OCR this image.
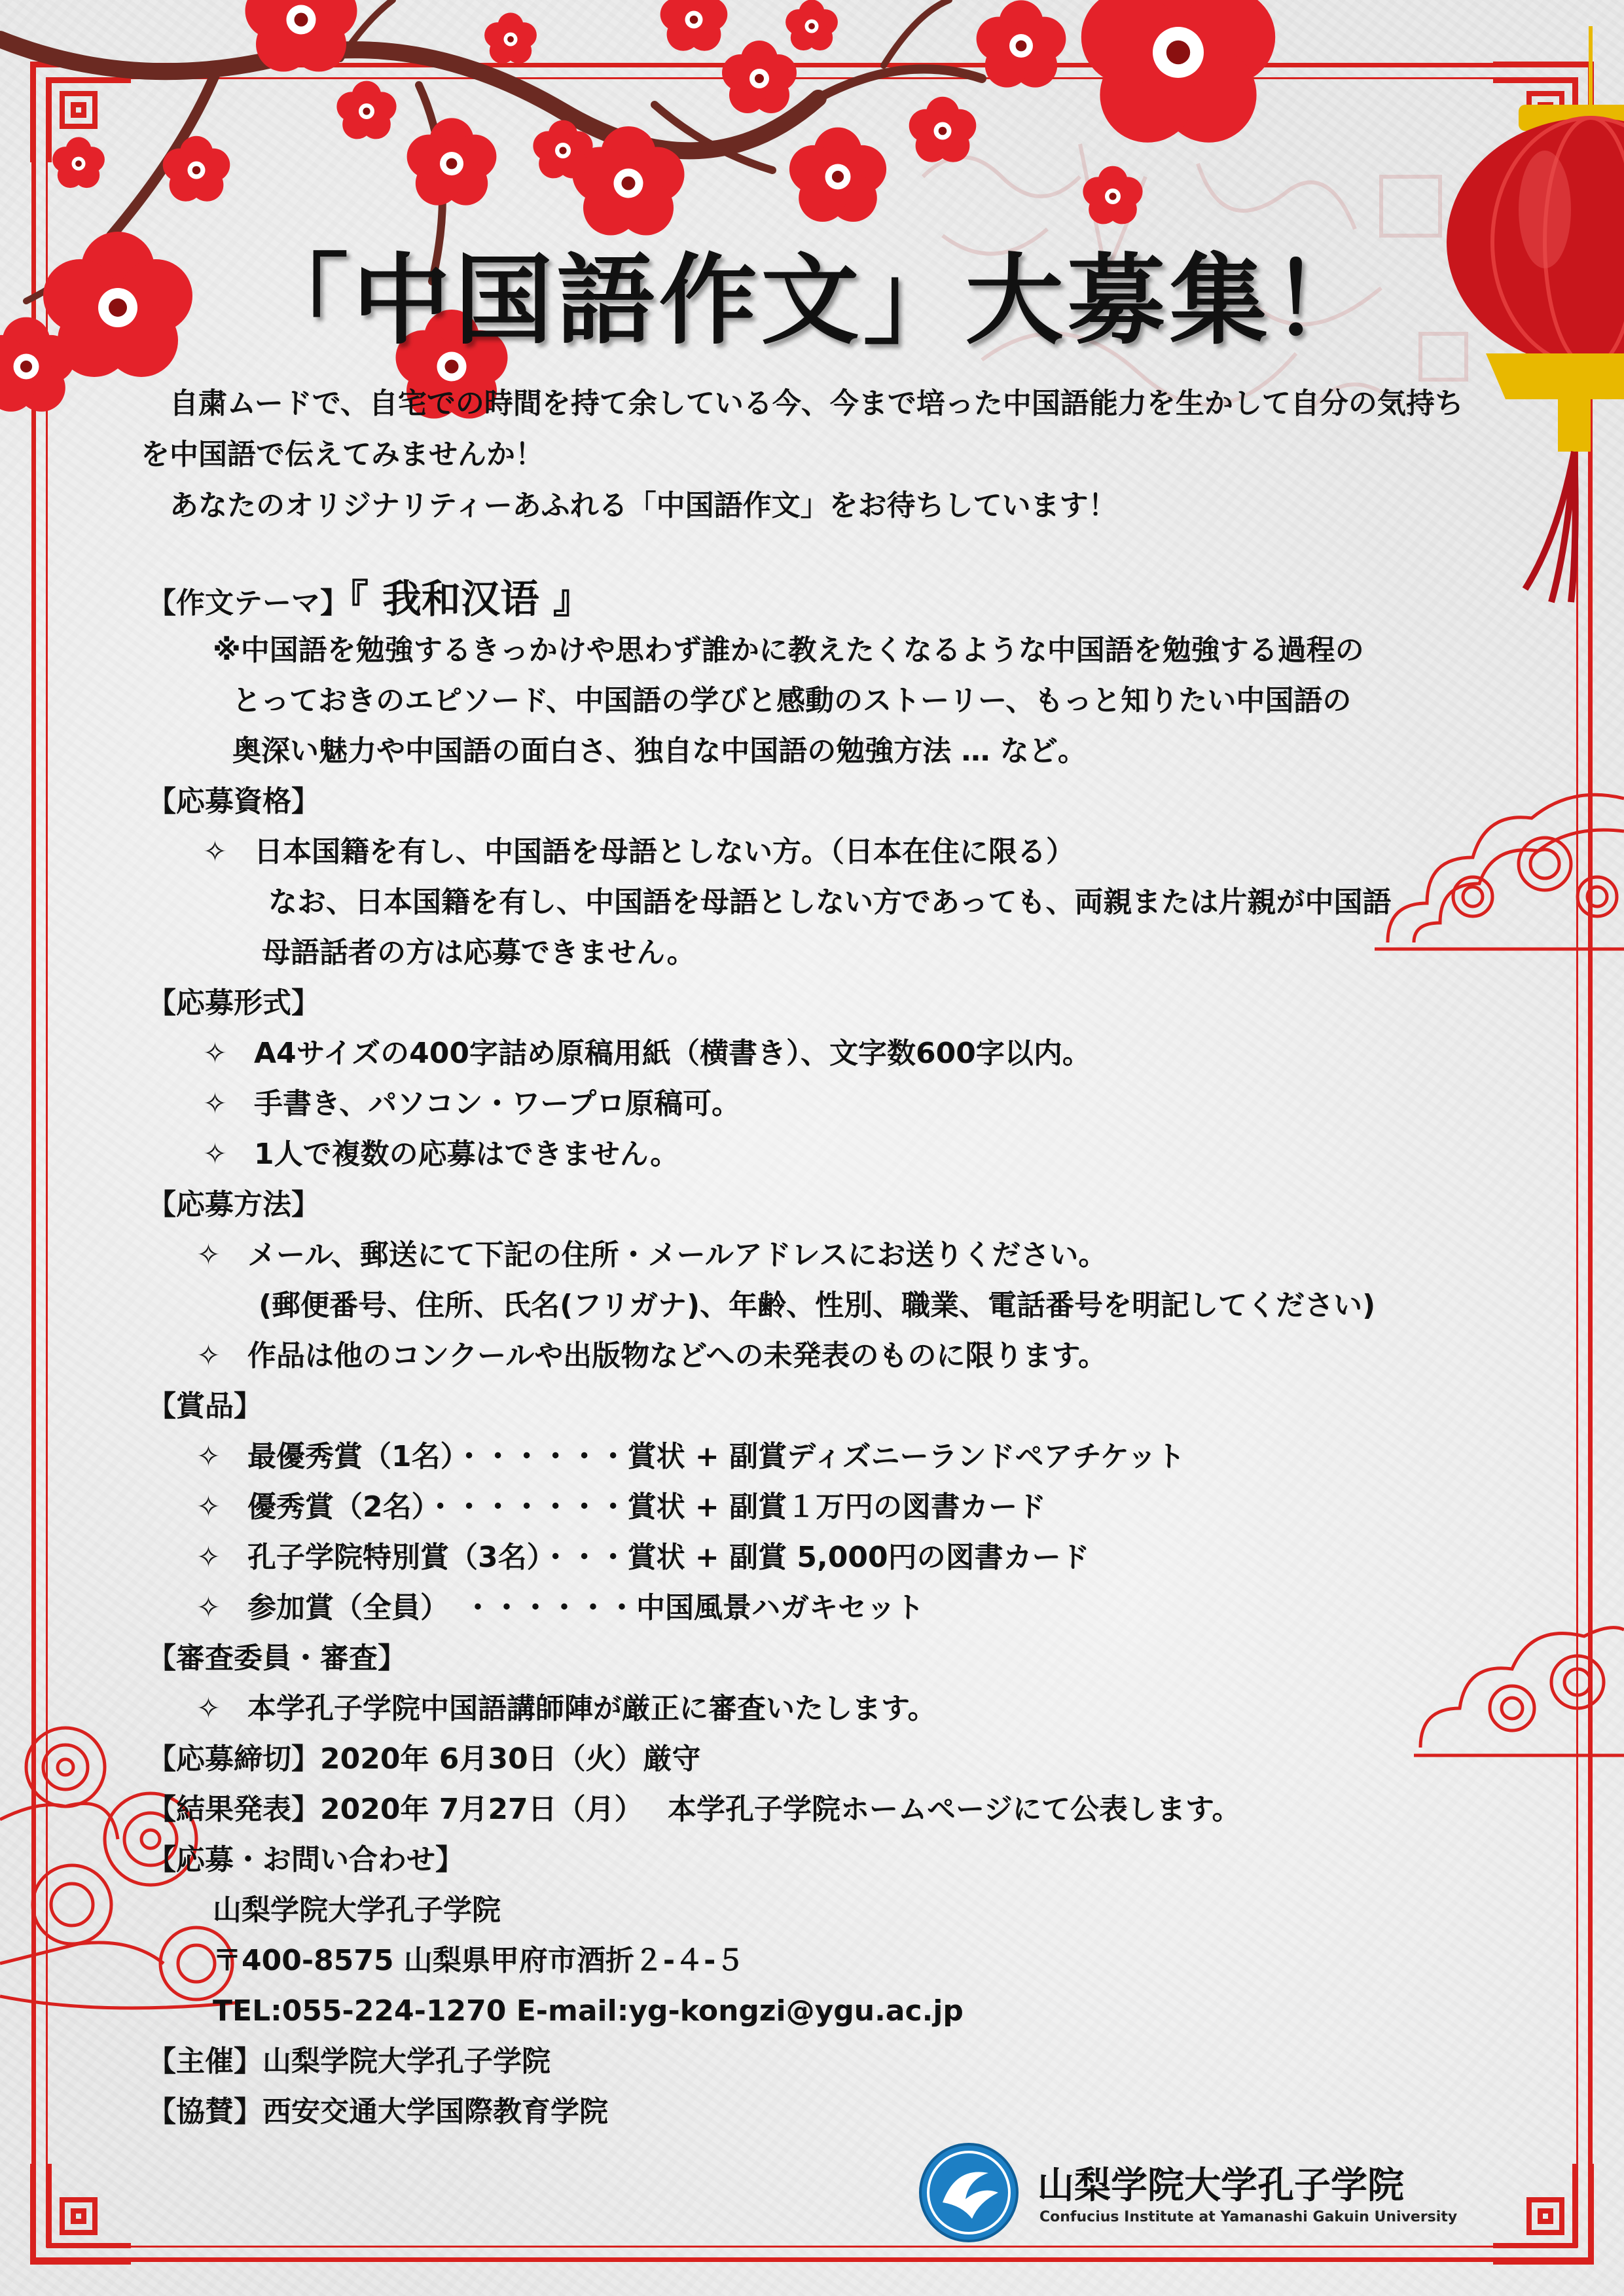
「中国語作文」大募集！

　自粛ムードで、自宅での時間を持て余している今、今まで培った中国語能力を生かして自分の気持ちを中国語で伝えてみませんか！

　あなたのオリジナリティーあふれる「中国語作文」をお待ちしています！

【作文テーマ】『 我和汉语 』
※中国語を勉強するきっかけや思わず誰かに教えたくなるような中国語を勉強する過程の
とっておきのエピソード、中国語の学びと感動のストーリー、もっと知りたい中国語の
奥深い魅力や中国語の面白さ、独自な中国語の勉強方法 … など。
【応募資格】
✧ 日本国籍を有し、中国語を母語としない方。（日本在住に限る）
なお、日本国籍を有し、中国語を母語としない方であっても、両親または片親が中国語
母語話者の方は応募できません。
【応募形式】
✧ A4サイズの400字詰め原稿用紙（横書き）、文字数600字以内。
✧ 手書き、パソコン・ワープロ原稿可。
✧ 1人で複数の応募はできません。
【応募方法】
✧ メール、郵送にて下記の住所・メールアドレスにお送りください。
(郵便番号、住所、氏名(フリガナ)、年齢、性別、職業、電話番号を明記してください)
✧ 作品は他のコンクールや出版物などへの未発表のものに限ります。
【賞品】
✧ 最優秀賞（1名）・・・・・・賞状 + 副賞ディズニーランドペアチケット
✧ 優秀賞（2名）・・・・・・・賞状 + 副賞１万円の図書カード
✧ 孔子学院特別賞（3名）・・・賞状 + 副賞 5,000円の図書カード
✧ 参加賞（全員）　・・・・・・中国風景ハガキセット
【審査委員・審査】
✧ 本学孔子学院中国語講師陣が厳正に審査いたします。
【応募締切】2020年 6月30日（火）厳守
【結果発表】2020年 7月27日（月）　 本学孔子学院ホームページにて公表します。
【応募・お問い合わせ】
山梨学院大学孔子学院
〒400-8575 山梨県甲府市酒折２-４-５
TEL:055-224-1270 E-mail:yg-kongzi@ygu.ac.jp
【主催】山梨学院大学孔子学院
【協賛】西安交通大学国際教育学院
山梨学院大学孔子学院
Confucius Institute at Yamanashi Gakuin University
